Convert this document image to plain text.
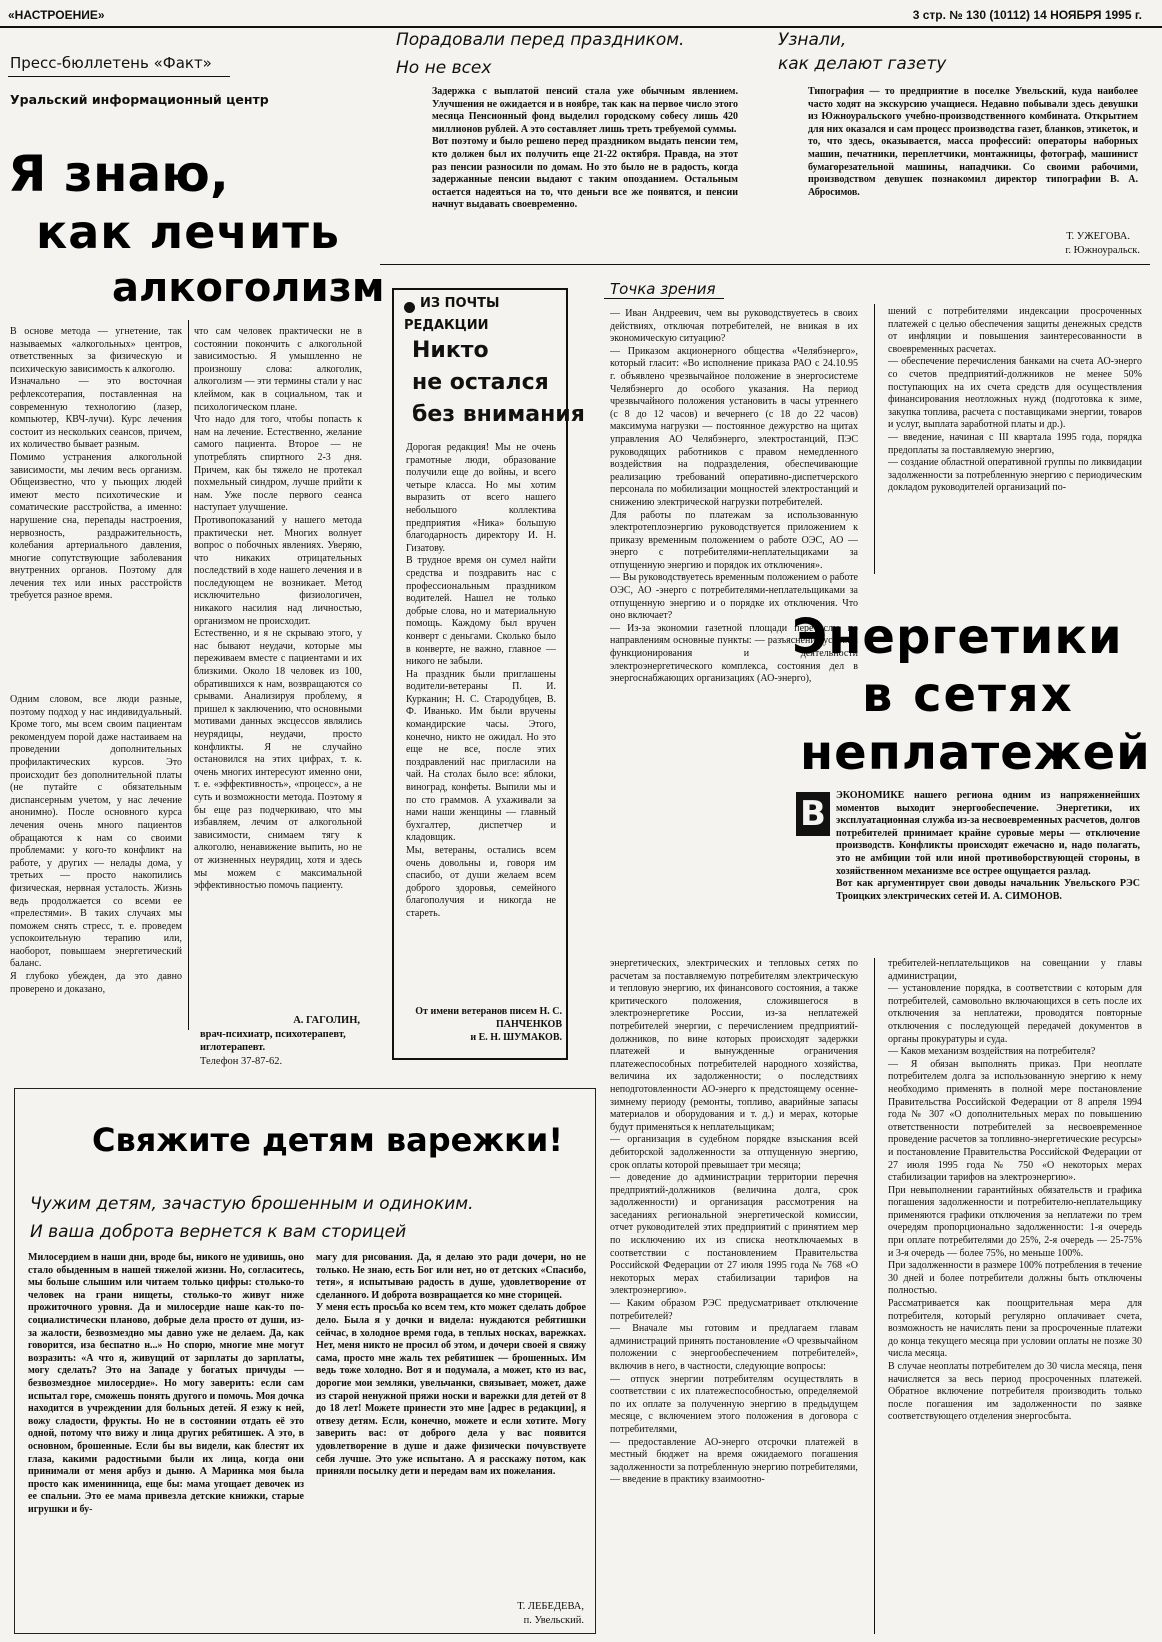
«НАСТРОЕНИЕ»	3 стр. № 130 (10112) 14 НОЯБРЯ 1995 г.
Пресс-бюллетень «Факт»
Уральский информационный центр
Я знаю,
как лечить
алкоголизм
В основе метода — угнетение, так называемых «алкогольных» центров, ответственных за физическую и психическую зависимость к алкоголю.
Изначально — это восточная рефлексотерапия, поставленная на современную технологию (лазер, компьютер, КВЧ-лучи). Курс лечения состоит из нескольких сеансов, причем, их количество бывает разным.
Помимо устранения алкогольной зависимости, мы лечим весь организм. Общеизвестно, что у пьющих людей имеют место психотические и соматические расстройства, а именно: нарушение сна, перепады настроения, нервозность, раздражительность, колебания артериального давления, многие сопутствующие заболевания внутренних органов. Поэтому для лечения тех или иных расстройств требуется разное время.
Одним словом, все люди разные, поэтому подход у нас индивидуальный. Кроме того, мы всем своим пациентам рекомендуем порой даже настаиваем на проведении дополнительных профилактических курсов. Это происходит без дополнительной платы (не путайте с обязательным диспансерным учетом, у нас лечение анонимно). После основного курса лечения очень много пациентов обращаются к нам со своими проблемами: у кого-то конфликт на работе, у других — нелады дома, у третьих — просто накопились физическая, нервная усталость. Жизнь ведь продолжается со всеми ее «прелестями». В таких случаях мы поможем снять стресс, т. е. проведем успокоительную терапию или, наоборот, повышаем энергетический баланс.
Я глубоко убежден, да это давно проверено и доказано,
что сам человек практически не в состоянии покончить с алкогольной зависимостью. Я умышленно не произношу слова: алкоголик, алкоголизм — эти термины стали у нас клеймом, как в социальном, так и психологическом плане.
Что надо для того, чтобы попасть к нам на лечение. Естественно, желание самого пациента. Второе — не употреблять спиртного 2-3 дня. Причем, как бы тяжело не протекал похмельный синдром, лучше прийти к нам. Уже после первого сеанса наступает улучшение.
Противопоказаний у нашего метода практически нет. Многих волнует вопрос о побочных явлениях. Уверяю, что никаких отрицательных последствий в ходе нашего лечения и в последующем не возникает. Метод исключительно физиологичен, никакого насилия над личностью, организмом не происходит.
Естественно, и я не скрываю этого, у нас бывают неудачи, которые мы переживаем вместе с пациентами и их близкими. Около 18 человек из 100, обратившихся к нам, возвращаются со срывами. Анализируя проблему, я пришел к заключению, что основными мотивами данных эксцессов являлись неурядицы, неудачи, просто конфликты. Я не случайно остановился на этих цифрах, т. к. очень многих интересуют именно они, т. е. «эффективность», «процесс», а не суть и возможности метода. Поэтому я бы еще раз подчеркиваю, что мы избавляем, лечим от алкогольной зависимости, снимаем тягу к алкоголю, ненавижение выпить, но не от жизненных неурядиц, хотя и здесь мы можем с максимальной эффективностью помочь пациенту.
А. ГАГОЛИН,
врач-психиатр, психотерапевт, иглотерапевт.
Телефон 37-87-62.
Порадовали перед праздником.
Но не всех
Задержка с выплатой пенсий стала уже обычным явлением. Улучшения не ожидается и в ноябре, так как на первое число этого месяца Пенсионный фонд выделил городскому собесу лишь 420 миллионов рублей. А это составляет лишь треть требуемой суммы.
Вот поэтому и было решено перед праздником выдать пенсии тем, кто должен был их получить еще 21-22 октября. Правда, на этот раз пенсии разносили по домам. Но это было не в радость, когда задержанные пенсии выдают с таким опозданием. Остальным остается надеяться на то, что деньги все же появятся, и пенсии начнут выдавать своевременно.
Узнали,
как делают газету
Типография — то предприятие в поселке Увельский, куда наиболее часто ходят на экскурсию учащиеся. Недавно побывали здесь девушки из Южноуральского учебно-производственного комбината. Открытием для них оказался и сам процесс производства газет, бланков, этикеток, и то, что здесь, оказывается, масса профессий: операторы наборных машин, печатники, переплетчики, монтажницы, фотограф, машинист бумагорезательной машины, нападчики. Со своими рабочими, производством девушек познакомил директор типографии В. А. Абросимов.
Т. УЖЕГОВА.
г. Южноуральск.
ИЗ ПОЧТЫ
РЕДАКЦИИ
Никто
не остался
без внимания
Дорогая редакция! Мы не очень грамотные люди, образование получили еще до войны, и всего четыре класса. Но мы хотим выразить от всего нашего небольшого коллектива предприятия «Ника» большую благодарность директору И. Н. Гизатову.
В трудное время он сумел найти средства и поздравить нас с профессиональным праздником водителей. Нашел не только добрые слова, но и материальную помощь. Каждому был вручен конверт с деньгами. Сколько было в конверте, не важно, главное — никого не забыли.
На праздник были приглашены водители-ветераны П. И. Курканин; Н. С. Стародубцев, В. Ф. Иванько. Им были вручены командирские часы. Этого, конечно, никто не ожидал. Но это еще не все, после этих поздравлений нас пригласили на чай. На столах было все: яблоки, виноград, конфеты. Выпили мы и по сто граммов. А ухаживали за нами наши женщины — главный бухгалтер, диспетчер и кладовщик.
Мы, ветераны, остались всем очень довольны и, говоря им спасибо, от души желаем всем доброго здоровья, семейного благополучия и никогда не стареть.
От имени ветеранов писем Н. С. ПАНЧЕНКОВ
и Е. Н. ШУМАКОВ.
Точка зрения
— Иван Андреевич, чем вы руководствуетесь в своих действиях, отключая потребителей, не вникая в их экономическую ситуацию?
— Приказом акционерного общества «Челябэнерго», который гласит: «Во исполнение приказа РАО с 24.10.95 г. объявлено чрезвычайное положение в энергосистеме Челябэнерго до особого указания. На период чрезвычайного положения установить в часы утреннего (с 8 до 12 часов) и вечернего (с 18 до 22 часов) максимума нагрузки — постоянное дежурство на щитах управления АО Челябэнерго, электростанций, ПЭС руководящих работников с правом немедленного воздействия на подразделения, обеспечивающие реализацию требований оперативно-диспетчерского персонала по мобилизации мощностей электростанций и снижению электрической нагрузки потребителей.
Для работы по платежам за использованную электротеплоэнергию руководствуется приложением к приказу временным положением о работе ОЭС, АО — энерго с потребителями-неплательщиками за отпущенную энергию и порядок их отключения».
— Вы руководствуетесь временным положением о работе ОЭС, АО -энерго с потребителями-неплательщиками за отпущенную энергию и о порядке их отключения. Что оно включает?
— Из-за экономии газетной площади перечислю по направлениям основные пункты: — разъяснение условий функционирования и деятельности электроэнергетического комплекса, состояния дел в энергоснабжающих организациях (АО-энерго),
шений с потребителями индексации просроченных платежей с целью обеспечения защиты денежных средств от инфляции и повышения заинтересованности в своевременных расчетах.
— обеспечение перечисления банками на счета АО-энерго со счетов предприятий-должников не менее 50% поступающих на их счета средств для осуществления финансирования неотложных нужд (подготовка к зиме, закупка топлива, расчета с поставщиками энергии, товаров и услуг, выплата заработной платы и др.).
— введение, начиная с III квартала 1995 года, порядка предоплаты за поставляемую энергию,
— создание областной оперативной группы по ликвидации задолженности за потребленную энергию с периодическим докладом руководителей организаций по-
Энергетики
в сетях
неплатежей
В	ЭКОНОМИКЕ нашего региона одним из напряженнейших моментов выходит энергообеспечение. Энергетики, их эксплуатационная служба из-за несвоевременных расчетов, долгов потребителей принимает крайне суровые меры — отключение производств. Конфликты происходят ежечасно и, надо полагать, это не амбиции той или иной противоборствующей стороны, в хозяйственном механизме все острее ощущается разлад.
Вот как аргументирует свои доводы начальник Увельского РЭС Троицких электрических сетей И. А. СИМОНОВ.
энергетических, электрических и тепловых сетях по расчетам за поставляемую потребителям электрическую и тепловую энергию, их финансового состояния, а также критического положения, сложившегося в электроэнергетике России, из-за неплатежей потребителей энергии, с перечислением предприятий-должников, по вине которых происходят задержки платежей и вынужденные ограничения платежеспособных потребителей народного хозяйства, величина их задолженности; о последствиях неподготовленности АО-энерго к предстоящему осенне-зимнему периоду (ремонты, топливо, аварийные запасы материалов и оборудования и т. д.) и мерах, которые будут применяться к неплательщикам;
— организация в судебном порядке взыскания всей дебиторской задолженности за отпущенную энергию, срок оплаты которой превышает три месяца;
— доведение до администрации территории перечня предприятий-должников (величина долга, срок задолженности) и организация рассмотрения на заседаниях региональной энергетической комиссии, отчет руководителей этих предприятий с принятием мер по исключению их из списка неотключаемых в соответствии с постановлением Правительства Российской Федерации от 27 июля 1995 года № 768 «О некоторых мерах стабилизации тарифов на электроэнергию».
— Каким образом РЭС предусматривает отключение потребителей?
— Вначале мы готовим и предлагаем главам администраций принять постановление «О чрезвычайном положении с энергообеспечением потребителей», включив в него, в частности, следующие вопросы:
— отпуск энергии потребителям осуществлять в соответствии с их платежеспособностью, определяемой по их оплате за полученную энергию в предыдущем месяце, с включением этого положения в договора с потребителями,
— предоставление АО-энерго отсрочки платежей в местный бюджет на время ожидаемого погашения задолженности за потребленную энергию потребителями,
— введение в практику взаимоотно-
требителей-неплательщиков на совещании у главы администрации,
— установление порядка, в соответствии с которым для потребителей, самовольно включающихся в сеть после их отключения за неплатежи, проводятся повторные отключения с последующей передачей документов в органы прокуратуры и суда.
— Каков механизм воздействия на потребителя?
— Я обязан выполнять приказ. При неоплате потребителем долга за использованную энергию к нему необходимо применять в полной мере постановление Правительства Российской Федерации от 8 апреля 1994 года № 307 «О дополнительных мерах по повышению ответственности потребителей за несвоевременное проведение расчетов за топливно-энергетические ресурсы» и постановление Правительства Российской Федерации от 27 июля 1995 года № 750 «О некоторых мерах стабилизации тарифов на электроэнергию».
При невыполнении гарантийных обязательств и графика погашения задолженности и потребителю-неплательщику применяются графики отключения за неплатежи по трем очередям пропорционально задолженности: 1-я очередь при оплате потребителями до 25%, 2-я очередь — 25-75% и 3-я очередь — более 75%, но меньше 100%.
При задолженности в размере 100% потребления в течение 30 дней и более потребители должны быть отключены полностью.
Рассматривается как поощрительная мера для потребителя, который регулярно оплачивает счета, возможность не начислять пени за просроченные платежи до конца текущего месяца при условии оплаты не позже 30 числа месяца.
В случае неоплаты потребителем до 30 числа месяца, пеня начисляется за весь период просроченных платежей. Обратное включение потребителя производить только после погашения им задолженности по заявке соответствующего отделения энергосбыта.
Свяжите детям варежки!
Чужим детям, зачастую брошенным и одиноким.
И ваша доброта вернется к вам сторицей
Милосердием в наши дни, вроде бы, никого не удивишь, оно стало обыденным в нашей тяжелой жизни. Но, согласитесь, мы больше слышим или читаем только цифры: столько-то человек на грани нищеты, столько-то живут ниже прожиточного уровня. Да и милосердие наше как-то по-социалистически планово, добрые дела просто от души, из-за жалости, безвозмездно мы давно уже не делаем. Да, как говорится, иза беспатно н...» Но спорю, многие мне могут возразить: «А что я, живущий от зарплаты до зарплаты, могу сделать? Это на Западе у богатых причуды — безвозмездное милосердие». Но могу заверить: если сам испытал горе, сможешь понять другого и помочь. Моя дочка находится в учреждении для больных детей. Я езжу к ней, вожу сладости, фрукты. Но не в состоянии отдать её это одной, потому что вижу и лица других ребятишек. А это, в основном, брошенные. Если бы вы видели, как блестят их глаза, какими радостными были их лица, когда они принимали от меня арбуз и дыню. А Маринка моя была просто как именинница, еще бы: мама угощает девочек из ее спальни. Это ее мама привезла детские книжки, старые игрушки и бу-
магу для рисования. Да, я делаю это ради дочери, но не только. Не знаю, есть Бог или нет, но от детских «Спасибо, тетя», я испытываю радость в душе, удовлетворение от сделанного. И доброта возвращается ко мне сторицей.
У меня есть просьба ко всем тем, кто может сделать доброе дело. Была я у дочки и видела: нуждаются ребятишки сейчас, в холодное время года, в теплых носках, варежках. Нет, меня никто не просил об этом, и дочери своей я свяжу сама, просто мне жаль тех ребятишек — брошенных. Им ведь тоже холодно. Вот я и подумала, а может, кто из вас, дорогие мои земляки, увельчанки, связывает, может, даже из старой ненужной пряжи носки и варежки для детей от 8 до 18 лет! Можете принести это мне [адрес в редакции], я отвезу детям. Если, конечно, можете и если хотите. Могу заверить вас: от доброго дела у вас появится удовлетворение в душе и даже физически почувствуете себя лучше. Это уже испытано. А я расскажу потом, как приняли посылку дети и передам вам их пожелания.
Т. ЛЕБЕДЕВА,
п. Увельский.
